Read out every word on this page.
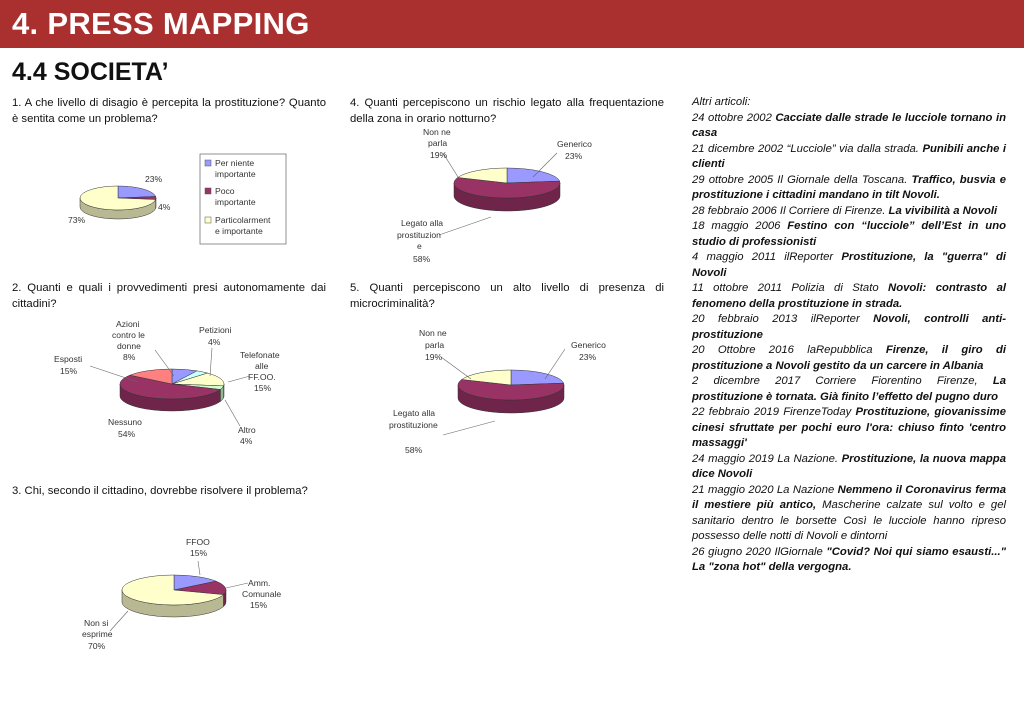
4. PRESS MAPPING
4.4 SOCIETA’
1. A che livello di disagio è percepita la prostituzione? Quanto è sentita come un problema?
2. Quanti e quali i provvedimenti presi autonomamente dai cittadini?
3. Chi, secondo il cittadino, dovrebbe risolvere il problema?
4. Quanti percepiscono un rischio legato alla frequentazione della zona in orario notturno?
5. Quanti percepiscono un alto livello di presenza di microcriminalità?
23%
4%
73%
Per niente
importante
Poco
importante
Particolarment
e importante
Azioni
contro le
donne
8%
Petizioni
4%
Telefonate
alle
FF.OO.
15%
Altro
4%
Nessuno
54%
Esposti
15%
FFOO
15%
Amm.
Comunale
15%
Non si
esprime
70%
Non ne
parla
19%
Generico
23%
Legato alla
prostituzion
e
58%
Non ne
parla
19%
Generico
23%
Legato alla
prostituzione
58%
Altri articoli:
24 ottobre 2002 Cacciate dalle strade le lucciole tornano in casa
21 dicembre 2002 “Lucciole” via dalla strada. Punibili anche i clienti
29 ottobre 2005 Il Giornale della Toscana. Traffico, busvia e prostituzione i cittadini mandano in tilt Novoli.
28 febbraio 2006 Il Corriere di Firenze. La vivibilità a Novoli
18 maggio 2006 Festino con “lucciole” dell’Est in uno studio di professionisti
4 maggio 2011 ilReporter Prostituzione, la "guerra" di Novoli
11 ottobre 2011 Polizia di Stato Novoli: contrasto al fenomeno della prostituzione in strada.
20 febbraio 2013 ilReporter Novoli, controlli anti-prostituzione
20 Ottobre 2016 laRepubblica Firenze, il giro di prostituzione a Novoli gestito da un carcere in Albania
2 dicembre 2017 Corriere Fiorentino Firenze, La prostituzione è tornata. Già finito l’effetto del pugno duro
22 febbraio 2019 FirenzeToday Prostituzione, giovanissime cinesi sfruttate per pochi euro l'ora: chiuso finto 'centro massaggi'
24 maggio 2019 La Nazione. Prostituzione, la nuova mappa dice Novoli
21 maggio 2020 La Nazione Nemmeno il Coronavirus ferma il mestiere più antico, Mascherine calzate sul volto e gel sanitario dentro le borsette Così le lucciole hanno ripreso possesso delle notti di Novoli e dintorni
26 giugno 2020 IlGiornale "Covid? Noi qui siamo esausti..." La "zona hot" della vergogna.
